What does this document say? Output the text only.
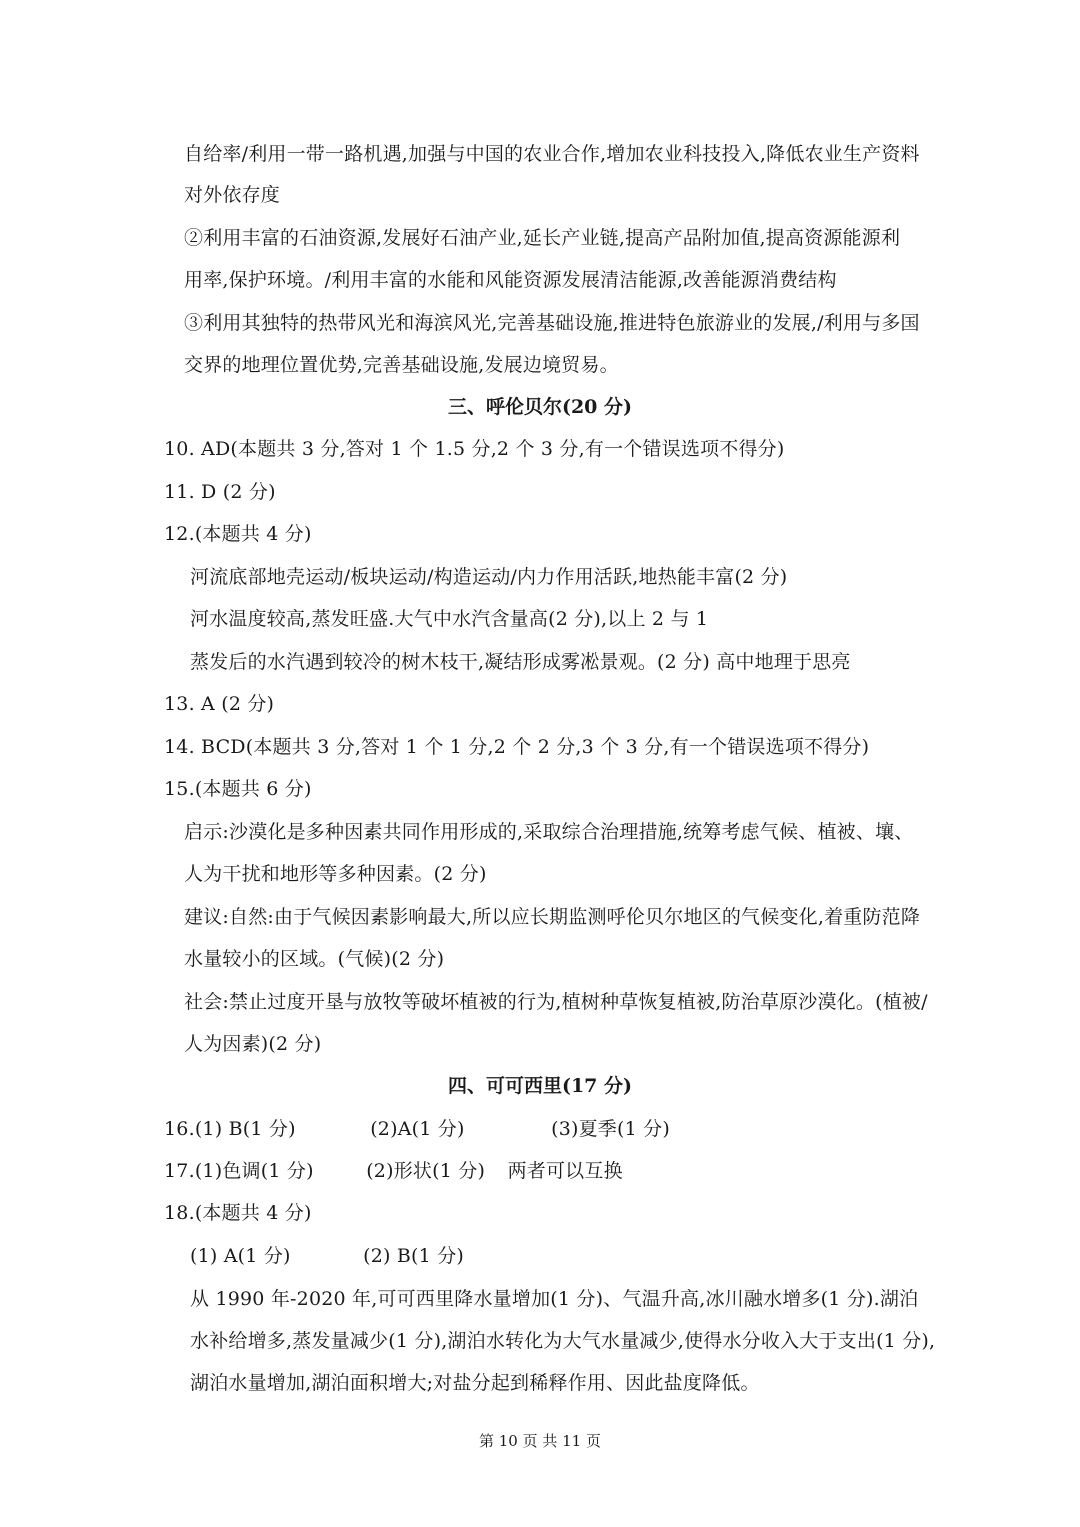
自给率/利用一带一路机遇,加强与中国的农业合作,增加农业科技投入,降低农业生产资料
对外依存度
②利用丰富的石油资源,发展好石油产业,延长产业链,提高产品附加值,提高资源能源利
用率,保护环境。/利用丰富的水能和风能资源发展清洁能源,改善能源消费结构
③利用其独特的热带风光和海滨风光,完善基础设施,推进特色旅游业的发展,/利用与多国
交界的地理位置优势,完善基础设施,发展边境贸易。
三、呼伦贝尔(20 分)
10. AD(本题共 3 分,答对 1 个 1.5 分,2 个 3 分,有一个错误选项不得分)
11. D (2 分)
12.(本题共 4 分)
河流底部地壳运动/板块运动/构造运动/内力作用活跃,地热能丰富(2 分)
河水温度较高,蒸发旺盛.大气中水汽含量高(2 分),以上 2 与 1
蒸发后的水汽遇到较冷的树木枝干,凝结形成雾凇景观。(2 分) 高中地理于思亮
13. A (2 分)
14. BCD(本题共 3 分,答对 1 个 1 分,2 个 2 分,3 个 3 分,有一个错误选项不得分)
15.(本题共 6 分)
启示:沙漠化是多种因素共同作用形成的,采取综合治理措施,统筹考虑气候、植被、壤、
人为干扰和地形等多种因素。(2 分)
建议:自然:由于气候因素影响最大,所以应长期监测呼伦贝尔地区的气候变化,着重防范降
水量较小的区域。(气候)(2 分)
社会:禁止过度开垦与放牧等破坏植被的行为,植树种草恢复植被,防治草原沙漠化。(植被/
人为因素)(2 分)
四、可可西里(17 分)
16.(1) B(1 分)	(2)A(1 分)	(3)夏季(1 分)
17.(1)色调(1 分)	(2)形状(1 分) 两者可以互换
18.(本题共 4 分)
(1) A(1 分)	(2) B(1 分)
从 1990 年-2020 年,可可西里降水量增加(1 分)、气温升高,冰川融水增多(1 分).湖泊
水补给增多,蒸发量减少(1 分),湖泊水转化为大气水量减少,使得水分收入大于支出(1 分),
湖泊水量增加,湖泊面积增大;对盐分起到稀释作用、因此盐度降低。
第 10 页 共 11 页
